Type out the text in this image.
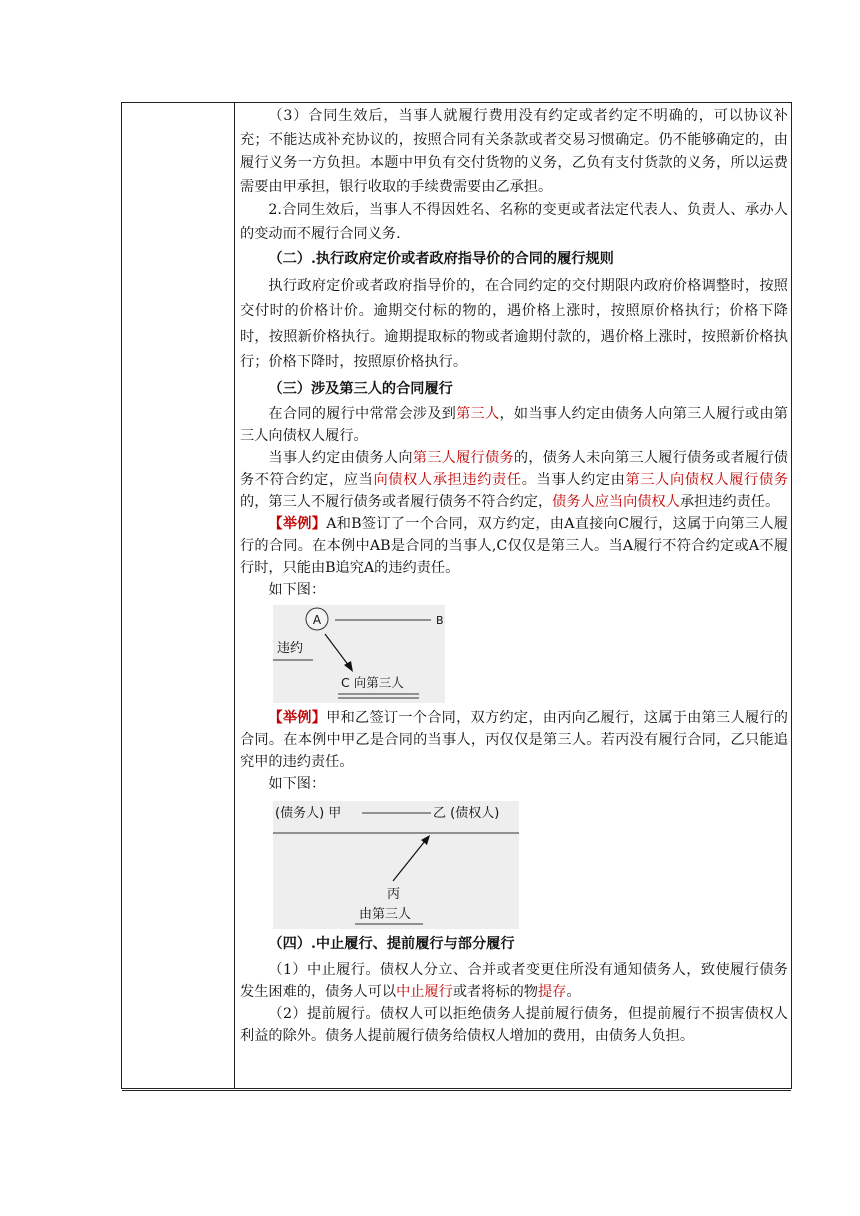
（3）合同生效后，当事人就履行费用没有约定或者约定不明确的，可以协议补充；不能达成补充协议的，按照合同有关条款或者交易习惯确定。仍不能够确定的，由履行义务一方负担。本题中甲负有交付货物的义务，乙负有支付货款的义务，所以运费需要由甲承担，银行收取的手续费需要由乙承担。

2.合同生效后，当事人不得因姓名、名称的变更或者法定代表人、负责人、承办人的变动而不履行合同义务.

（二）.执行政府定价或者政府指导价的合同的履行规则

执行政府定价或者政府指导价的，在合同约定的交付期限内政府价格调整时，按照交付时的价格计价。逾期交付标的物的，遇价格上涨时，按照原价格执行；价格下降时，按照新价格执行。逾期提取标的物或者逾期付款的，遇价格上涨时，按照新价格执行；价格下降时，按照原价格执行。

（三）涉及第三人的合同履行

在合同的履行中常常会涉及到第三人，如当事人约定由债务人向第三人履行或由第三人向债权人履行。

当事人约定由债务人向第三人履行债务的，债务人未向第三人履行债务或者履行债务不符合约定，应当向债权人承担违约责任。当事人约定由第三人向债权人履行债务的，第三人不履行债务或者履行债务不符合约定，债务人应当向债权人承担违约责任。

【举例】A和B签订了一个合同，双方约定，由A直接向C履行，这属于向第三人履行的合同。在本例中AB是合同的当事人,C仅仅是第三人。当A履行不符合约定或A不履行时，只能由B追究A的违约责任。

如下图：

A	B
违约
C 向第三人

【举例】甲和乙签订一个合同，双方约定，由丙向乙履行，这属于由第三人履行的合同。在本例中甲乙是合同的当事人，丙仅仅是第三人。若丙没有履行合同，乙只能追究甲的违约责任。

如下图：

(债务人) 甲	乙 (债权人)
丙
由第三人

（四）.中止履行、提前履行与部分履行

（1）中止履行。债权人分立、合并或者变更住所没有通知债务人，致使履行债务发生困难的，债务人可以中止履行或者将标的物提存。

（2）提前履行。债权人可以拒绝债务人提前履行债务，但提前履行不损害债权人利益的除外。债务人提前履行债务给债权人增加的费用，由债务人负担。
